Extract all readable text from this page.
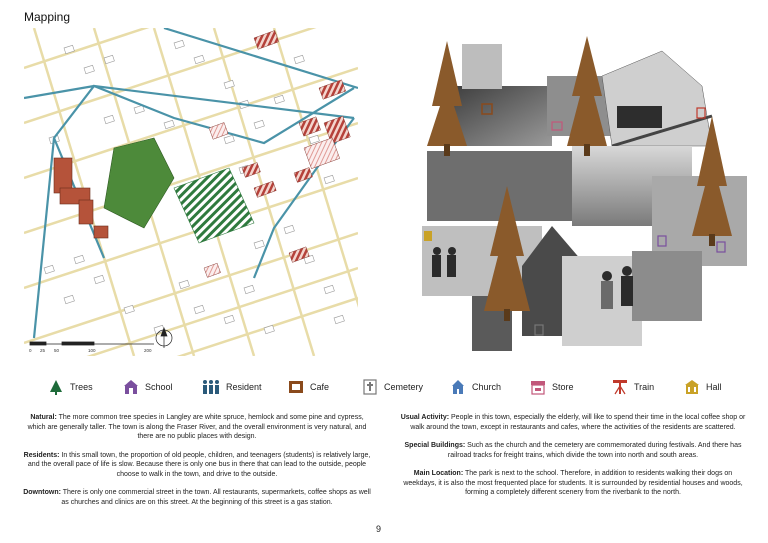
Mapping
0 25 50	100	200
Trees	School	Resident	Cafe	Cemetery	Church	Store	Train	Hall

Natural: The more common tree species in Langley are white spruce, hemlock and some pine and cypress, which are generally taller. The town is along the Fraser River, and the overall environment is very natural, and there are no public places with design.

Residents: In this small town, the proportion of old people, children, and teenagers (students) is relatively large, and the overall pace of life is slow. Because there is only one bus in there that can lead to the outside, people choose to walk in the town, and drive to the outside.

Downtown: There is only one commercial street in the town. All restaurants, supermarkets, coffee shops as well as churches and clinics are on this street. At the beginning of this street is a gas station.

Usual Activity: People in this town, especially the elderly, will like to spend their time in the local coffee shop or walk around the town, except in restaurants and cafes, where the activities of the residents are scattered.

Special Buildings: Such as the church and the cemetery are commemorated during festivals. And there has railroad tracks for freight trains, which divide the town into north and south areas.

Main Location: The park is next to the school. Therefore, in addition to residents walking their dogs on weekdays, it is also the most frequented place for students. It is surrounded by residential houses and woods, forming a completely different scenery from the riverbank to the north.

9
